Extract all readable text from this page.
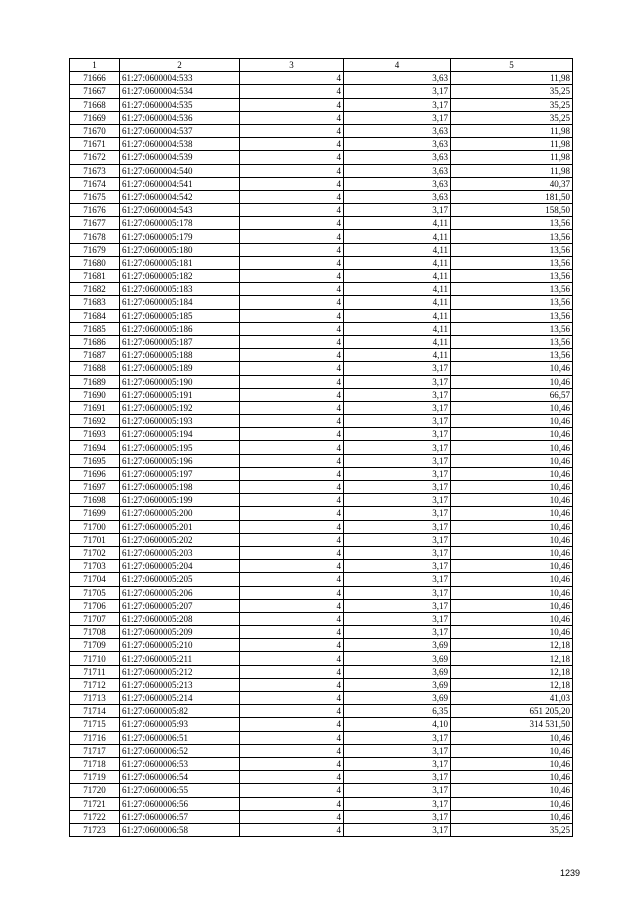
1	2	3	4	5
71666	61:27:0600004:533	4	3,63	11,98
71667	61:27:0600004:534	4	3,17	35,25
71668	61:27:0600004:535	4	3,17	35,25
71669	61:27:0600004:536	4	3,17	35,25
71670	61:27:0600004:537	4	3,63	11,98
71671	61:27:0600004:538	4	3,63	11,98
71672	61:27:0600004:539	4	3,63	11,98
71673	61:27:0600004:540	4	3,63	11,98
71674	61:27:0600004:541	4	3,63	40,37
71675	61:27:0600004:542	4	3,63	181,50
71676	61:27:0600004:543	4	3,17	158,50
71677	61:27:0600005:178	4	4,11	13,56
71678	61:27:0600005:179	4	4,11	13,56
71679	61:27:0600005:180	4	4,11	13,56
71680	61:27:0600005:181	4	4,11	13,56
71681	61:27:0600005:182	4	4,11	13,56
71682	61:27:0600005:183	4	4,11	13,56
71683	61:27:0600005:184	4	4,11	13,56
71684	61:27:0600005:185	4	4,11	13,56
71685	61:27:0600005:186	4	4,11	13,56
71686	61:27:0600005:187	4	4,11	13,56
71687	61:27:0600005:188	4	4,11	13,56
71688	61:27:0600005:189	4	3,17	10,46
71689	61:27:0600005:190	4	3,17	10,46
71690	61:27:0600005:191	4	3,17	66,57
71691	61:27:0600005:192	4	3,17	10,46
71692	61:27:0600005:193	4	3,17	10,46
71693	61:27:0600005:194	4	3,17	10,46
71694	61:27:0600005:195	4	3,17	10,46
71695	61:27:0600005:196	4	3,17	10,46
71696	61:27:0600005:197	4	3,17	10,46
71697	61:27:0600005:198	4	3,17	10,46
71698	61:27:0600005:199	4	3,17	10,46
71699	61:27:0600005:200	4	3,17	10,46
71700	61:27:0600005:201	4	3,17	10,46
71701	61:27:0600005:202	4	3,17	10,46
71702	61:27:0600005:203	4	3,17	10,46
71703	61:27:0600005:204	4	3,17	10,46
71704	61:27:0600005:205	4	3,17	10,46
71705	61:27:0600005:206	4	3,17	10,46
71706	61:27:0600005:207	4	3,17	10,46
71707	61:27:0600005:208	4	3,17	10,46
71708	61:27:0600005:209	4	3,17	10,46
71709	61:27:0600005:210	4	3,69	12,18
71710	61:27:0600005:211	4	3,69	12,18
71711	61:27:0600005:212	4	3,69	12,18
71712	61:27:0600005:213	4	3,69	12,18
71713	61:27:0600005:214	4	3,69	41,03
71714	61:27:0600005:82	4	6,35	651 205,20
71715	61:27:0600005:93	4	4,10	314 531,50
71716	61:27:0600006:51	4	3,17	10,46
71717	61:27:0600006:52	4	3,17	10,46
71718	61:27:0600006:53	4	3,17	10,46
71719	61:27:0600006:54	4	3,17	10,46
71720	61:27:0600006:55	4	3,17	10,46
71721	61:27:0600006:56	4	3,17	10,46
71722	61:27:0600006:57	4	3,17	10,46
71723	61:27:0600006:58	4	3,17	35,25
1239
